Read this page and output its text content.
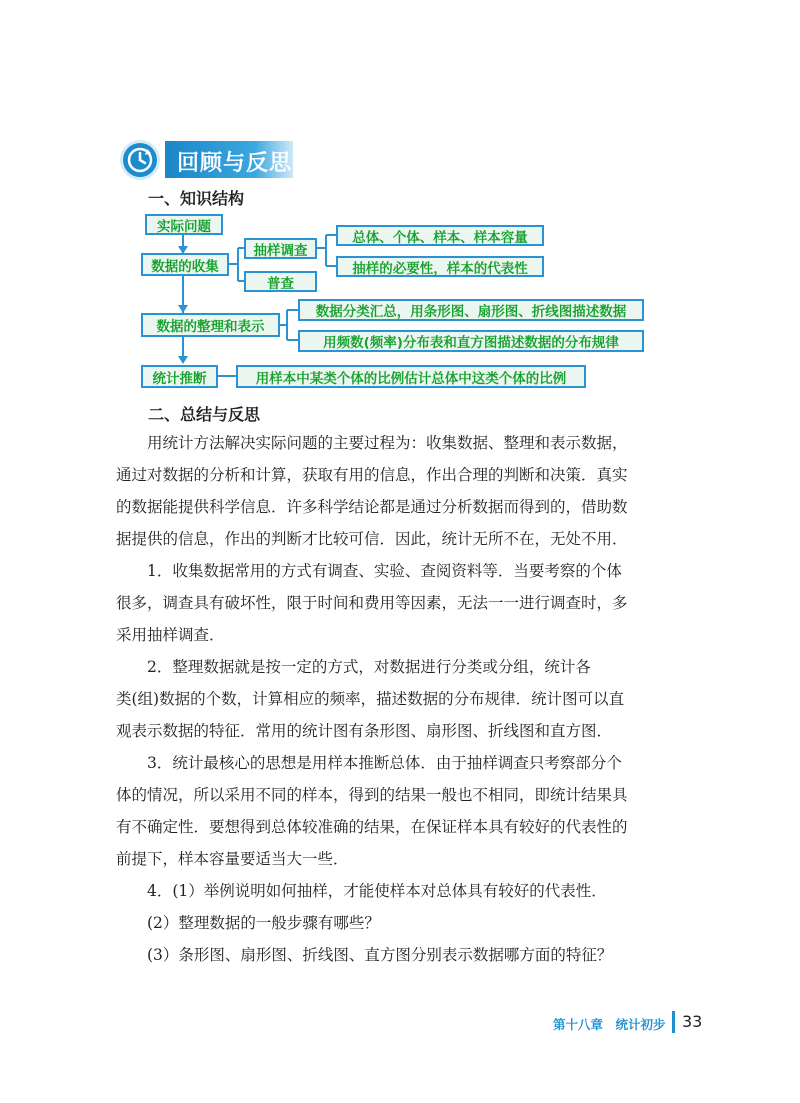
回顾与反思
一、知识结构
实际问题
数据的收集
抽样调查
普查
总体、个体、样本、样本容量
抽样的必要性，样本的代表性
数据的整理和表示
数据分类汇总，用条形图、扇形图、折线图描述数据
用频数(频率)分布表和直方图描述数据的分布规律
统计推断	用样本中某类个体的比例估计总体中这类个体的比例
二、总结与反思
用统计方法解决实际问题的主要过程为：收集数据、整理和表示数据，
通过对数据的分析和计算，获取有用的信息，作出合理的判断和决策．真实
的数据能提供科学信息．许多科学结论都是通过分析数据而得到的，借助数
据提供的信息，作出的判断才比较可信．因此，统计无所不在，无处不用．
1．收集数据常用的方式有调查、实验、查阅资料等．当要考察的个体
很多，调查具有破坏性，限于时间和费用等因素，无法一一进行调查时，多
采用抽样调查．
2．整理数据就是按一定的方式，对数据进行分类或分组，统计各
类(组)数据的个数，计算相应的频率，描述数据的分布规律．统计图可以直
观表示数据的特征．常用的统计图有条形图、扇形图、折线图和直方图．
3．统计最核心的思想是用样本推断总体．由于抽样调查只考察部分个
体的情况，所以采用不同的样本，得到的结果一般也不相同，即统计结果具
有不确定性．要想得到总体较准确的结果，在保证样本具有较好的代表性的
前提下，样本容量要适当大一些．
4．(1）举例说明如何抽样，才能使样本对总体具有较好的代表性．
(2）整理数据的一般步骤有哪些？
(3）条形图、扇形图、折线图、直方图分别表示数据哪方面的特征？
第十八章　统计初步 33
